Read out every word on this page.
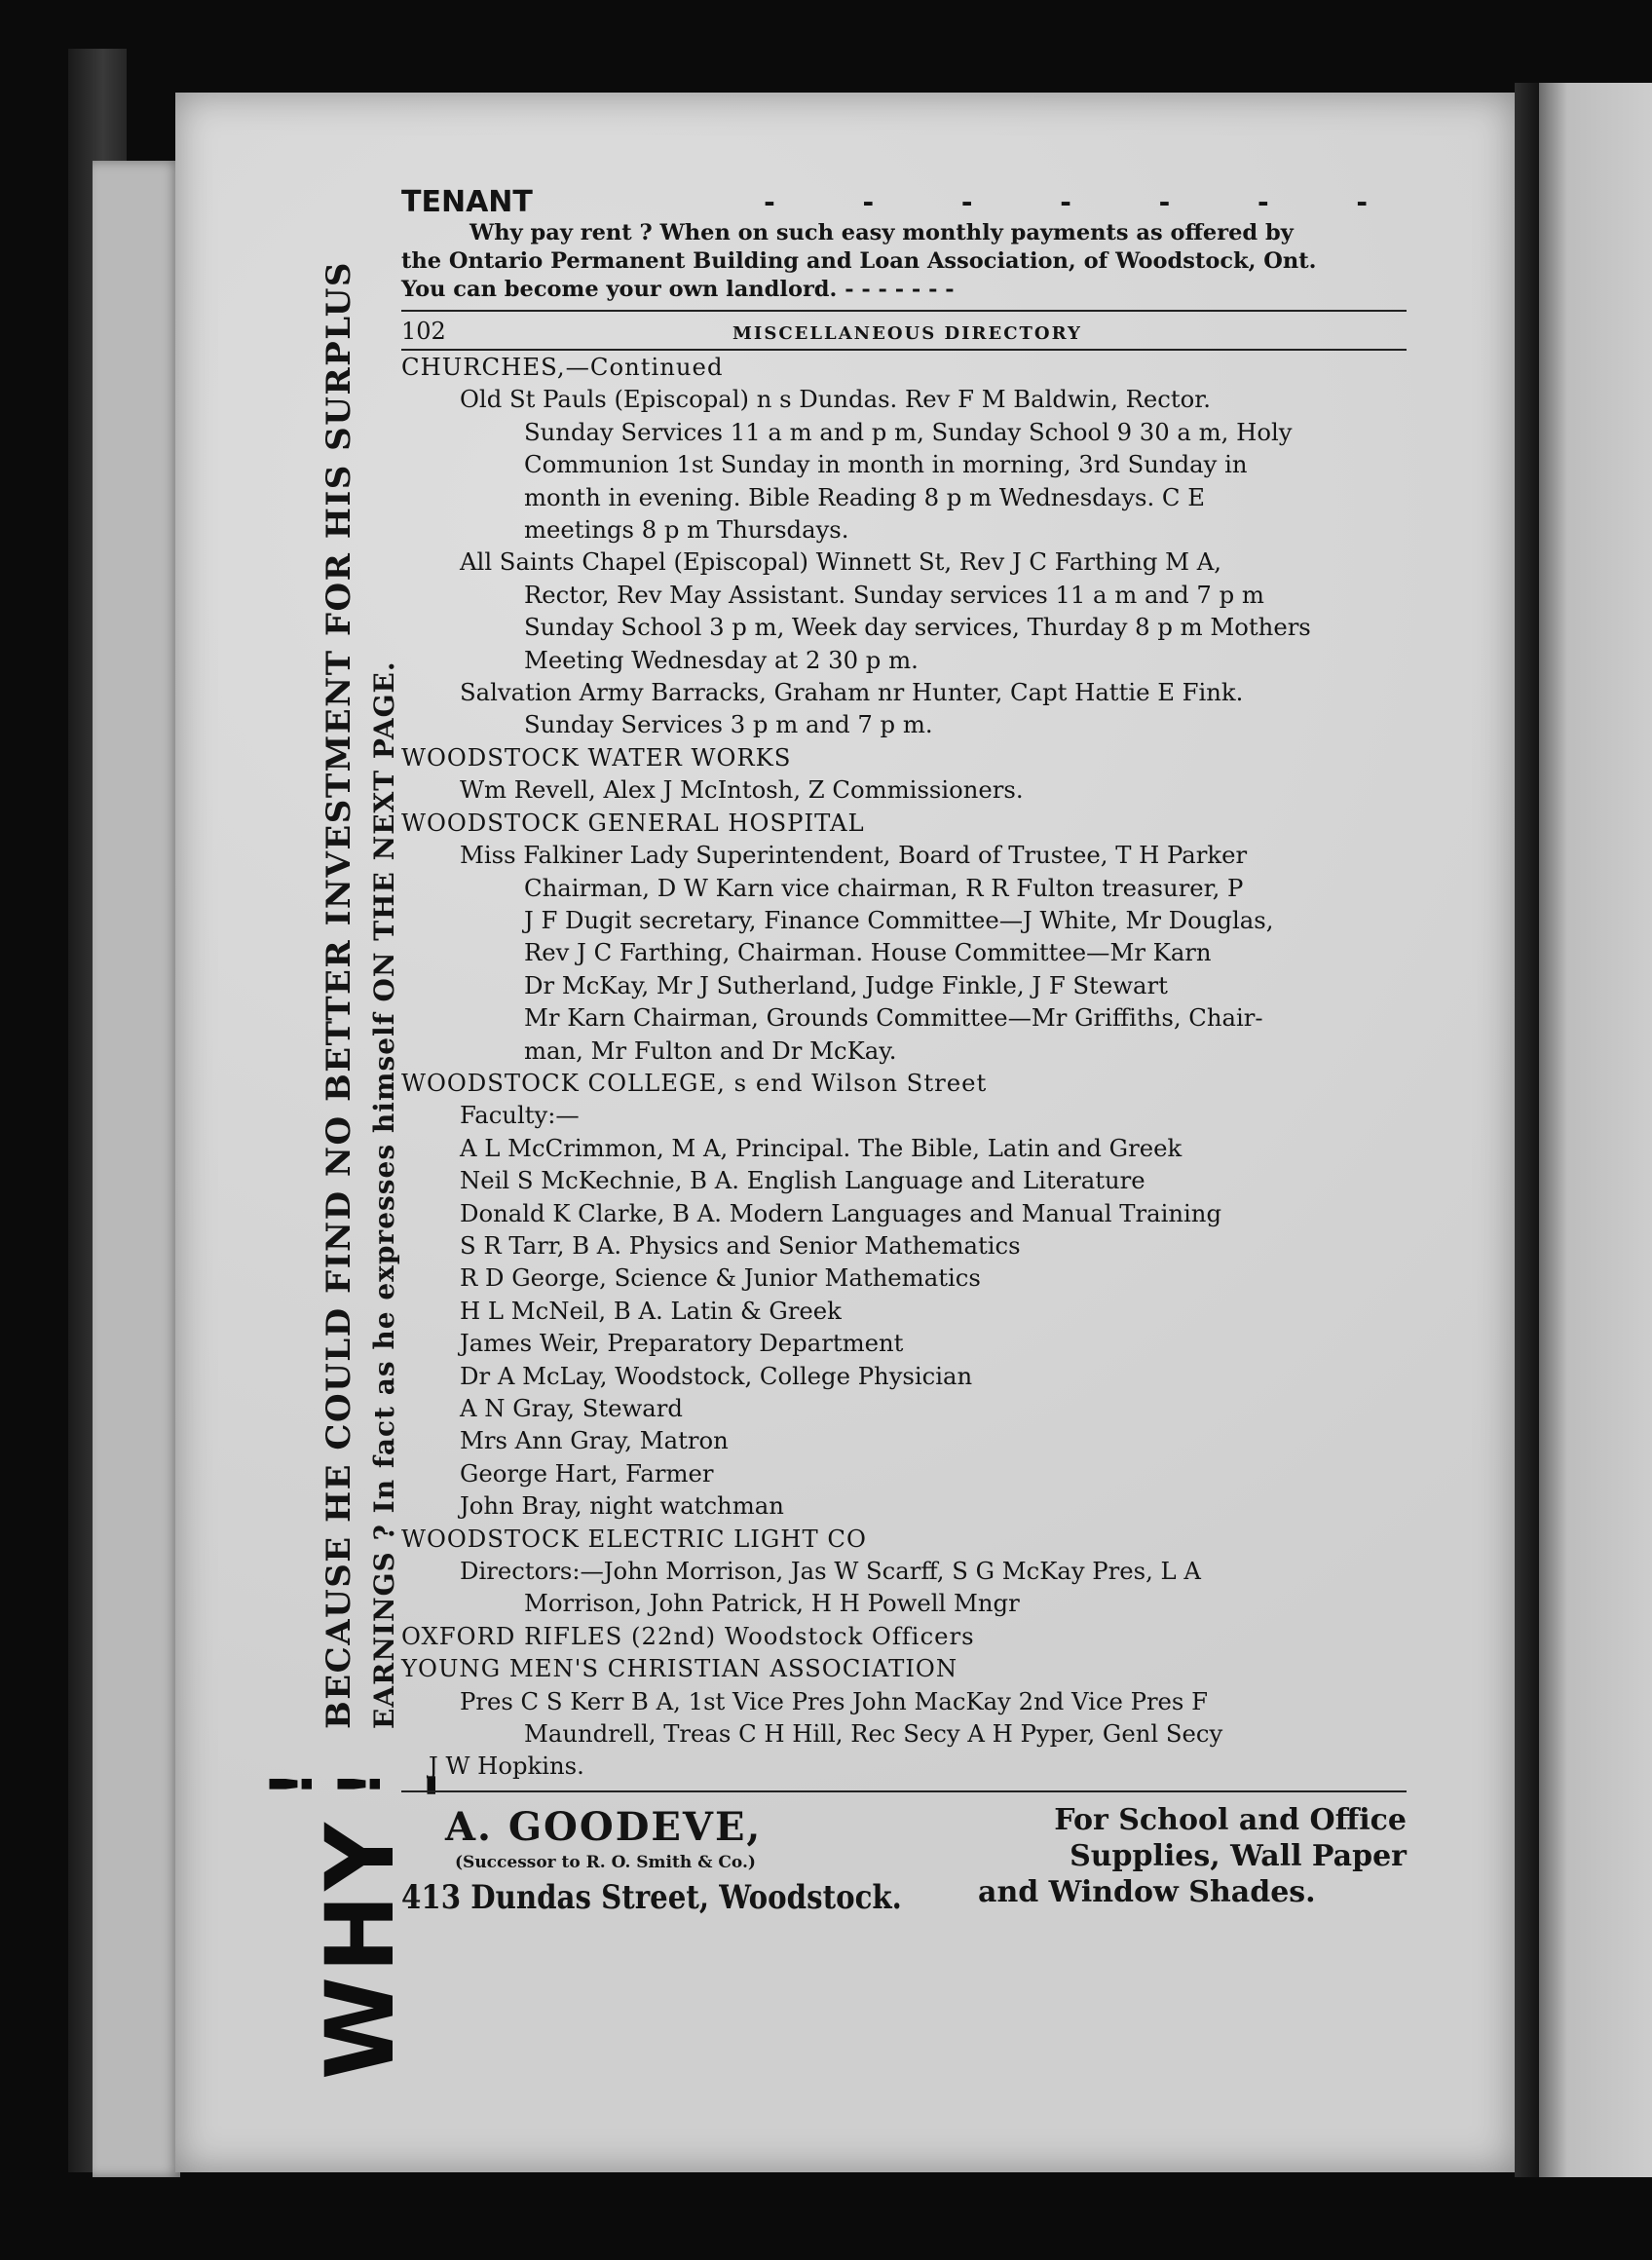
WHY
! ! -
BECAUSE HE COULD FIND NO BETTER INVESTMENT FOR HIS SURPLUS EARNINGS ? In fact as he expresses himself ON THE NEXT PAGE.
TENANT	- - - - - - -
Why pay rent ? When on such easy monthly payments as offered by
the Ontario Permanent Building and Loan Association, of Woodstock, Ont.
You can become your own landlord. - - - - - - -
102	MISCELLANEOUS DIRECTORY
CHURCHES,—Continued
Old St Pauls (Episcopal) n s Dundas. Rev F M Baldwin, Rector.
Sunday Services 11 a m and p m, Sunday School 9 30 a m, Holy
Communion 1st Sunday in month in morning, 3rd Sunday in
month in evening. Bible Reading 8 p m Wednesdays. C E
meetings 8 p m Thursdays.
All Saints Chapel (Episcopal) Winnett St, Rev J C Farthing M A,
Rector, Rev May Assistant. Sunday services 11 a m and 7 p m
Sunday School 3 p m, Week day services, Thurday 8 p m Mothers
Meeting Wednesday at 2 30 p m.
Salvation Army Barracks, Graham nr Hunter, Capt Hattie E Fink.
Sunday Services 3 p m and 7 p m.
WOODSTOCK WATER WORKS
Wm Revell, Alex J McIntosh, Z Commissioners.
WOODSTOCK GENERAL HOSPITAL
Miss Falkiner Lady Superintendent, Board of Trustee, T H Parker
Chairman, D W Karn vice chairman, R R Fulton treasurer, P
J F Dugit secretary, Finance Committee—J White, Mr Douglas,
Rev J C Farthing, Chairman. House Committee—Mr Karn
Dr McKay, Mr J Sutherland, Judge Finkle, J F Stewart
Mr Karn Chairman, Grounds Committee—Mr Griffiths, Chair-
man, Mr Fulton and Dr McKay.
WOODSTOCK COLLEGE, s end Wilson Street
Faculty:—
A L McCrimmon, M A, Principal. The Bible, Latin and Greek
Neil S McKechnie, B A. English Language and Literature
Donald K Clarke, B A. Modern Languages and Manual Training
S R Tarr, B A. Physics and Senior Mathematics
R D George, Science & Junior Mathematics
H L McNeil, B A. Latin & Greek
James Weir, Preparatory Department
Dr A McLay, Woodstock, College Physician
A N Gray, Steward
Mrs Ann Gray, Matron
George Hart, Farmer
John Bray, night watchman
WOODSTOCK ELECTRIC LIGHT CO
Directors:—John Morrison, Jas W Scarff, S G McKay Pres, L A
Morrison, John Patrick, H H Powell Mngr
OXFORD RIFLES (22nd) Woodstock Officers
YOUNG MEN'S CHRISTIAN ASSOCIATION
Pres C S Kerr B A, 1st Vice Pres John MacKay 2nd Vice Pres F
Maundrell, Treas C H Hill, Rec Secy A H Pyper, Genl Secy
J W Hopkins.
A. GOODEVE,
(Successor to R. O. Smith & Co.)
413 Dundas Street, Woodstock.
For School and Office
Supplies, Wall Paper
and Window Shades.
